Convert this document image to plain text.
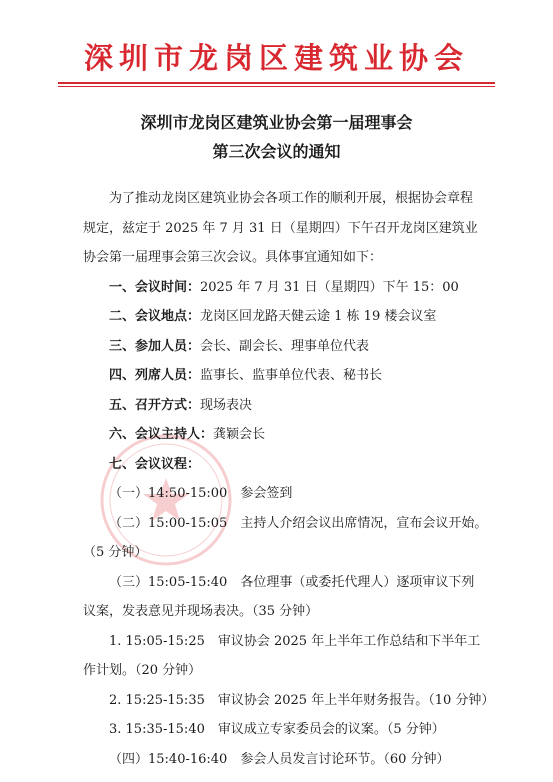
深圳市龙岗区建筑业协会
深圳市龙岗区建筑业协会第一届理事会
第三次会议的通知

为了推动龙岗区建筑业协会各项工作的顺利开展，根据协会章程

规定，兹定于 2025 年 7 月 31 日（星期四）下午召开龙岗区建筑业

协会第一届理事会第三次会议。具体事宜通知如下：

一、会议时间：2025 年 7 月 31 日（星期四）下午 15：00

二、会议地点：龙岗区回龙路天健云途 1 栋 19 楼会议室

三、参加人员：会长、副会长、理事单位代表

四、列席人员：监事长、监事单位代表、秘书长

五、召开方式：现场表决

六、会议主持人：龚颖会长

七、会议议程：

（一）14:50-15:00　参会签到

（二）15:00-15:05　主持人介绍会议出席情况，宣布会议开始。

（5 分钟）

（三）15:05-15:40　各位理事（或委托代理人）逐项审议下列

议案，发表意见并现场表决。（35 分钟）

1. 15:05-15:25　审议协会 2025 年上半年工作总结和下半年工

作计划。（20 分钟）

2. 15:25-15:35　审议协会 2025 年上半年财务报告。（10 分钟）

3. 15:35-15:40　审议成立专家委员会的议案。（5 分钟）

（四）15:40-16:40　参会人员发言讨论环节。（60 分钟）
